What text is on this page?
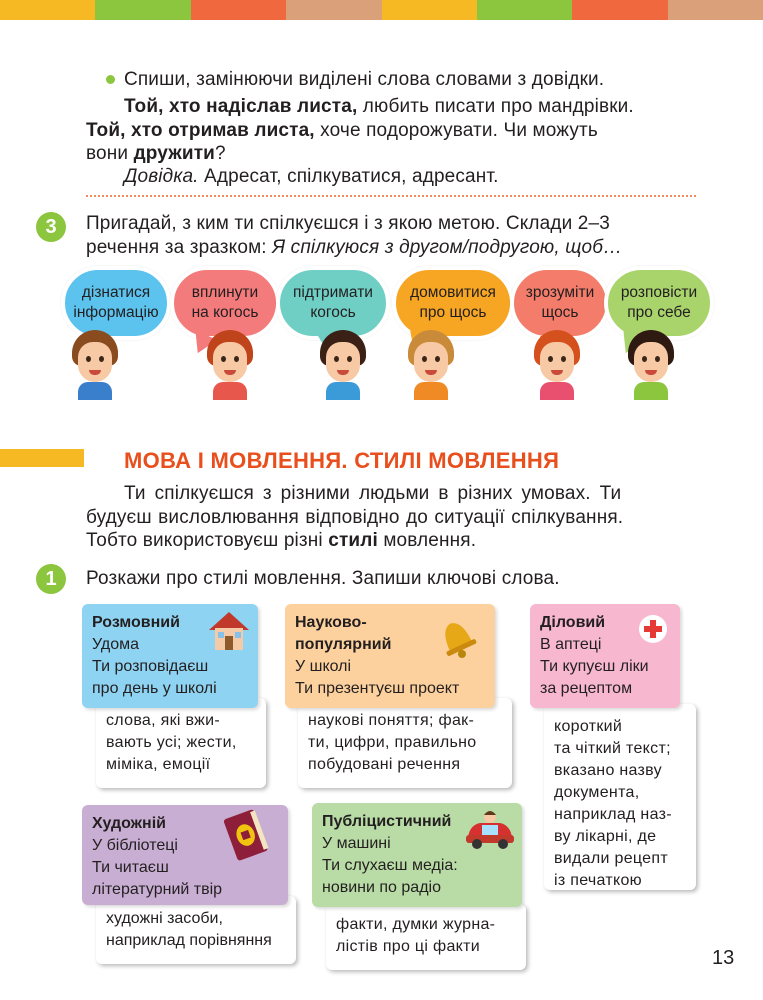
Спиши, замінюючи виділені слова словами з довідки.
Той, хто надіслав листа, любить писати про мандрівки.
Той, хто отримав листа, хоче подорожувати. Чи можуть
вони дружити?
Довідка. Адресат, спілкуватися, адресант.
3	Пригадай, з ким ти спілкуєшся і з якою метою. Склади 2–3
речення за зразком: Я спілкуюся з другом/подругою, щоб…
дізнатися
інформацію
вплинути
на когось
підтримати
когось
домовитися
про щось
зрозуміти
щось
розповісти
про себе
МОВА І МОВЛЕННЯ. СТИЛІ МОВЛЕННЯ
Ти спілкуєшся з різними людьми в різних умовах. Ти
будуєш висловлювання відповідно до ситуації спілкування.
Тобто використовуєш різні стилі мовлення.
1	Розкажи про стилі мовлення. Запиши ключові слова.
слова, які вжи-
вають усі; жести,
міміка, емоції
наукові поняття; фак-
ти, цифри, правильно
побудовані речення
короткий
та чіткий текст;
вказано назву
документа,
наприклад наз-
ву лікарні, де
видали рецепт
із печаткою
художні засоби,
наприклад порівняння
факти, думки журна-
лістів про ці факти
Розмовний
Удома
Ти розповідаєш
про день у школі
Науково-
популярний
У школі
Ти презентуєш проект
Діловий
В аптеці
Ти купуєш ліки
за рецептом
Художній
У бібліотеці
Ти читаєш
літературний твір
Публіцистичний
У машині
Ти слухаєш медіа:
новини по радіо
13
